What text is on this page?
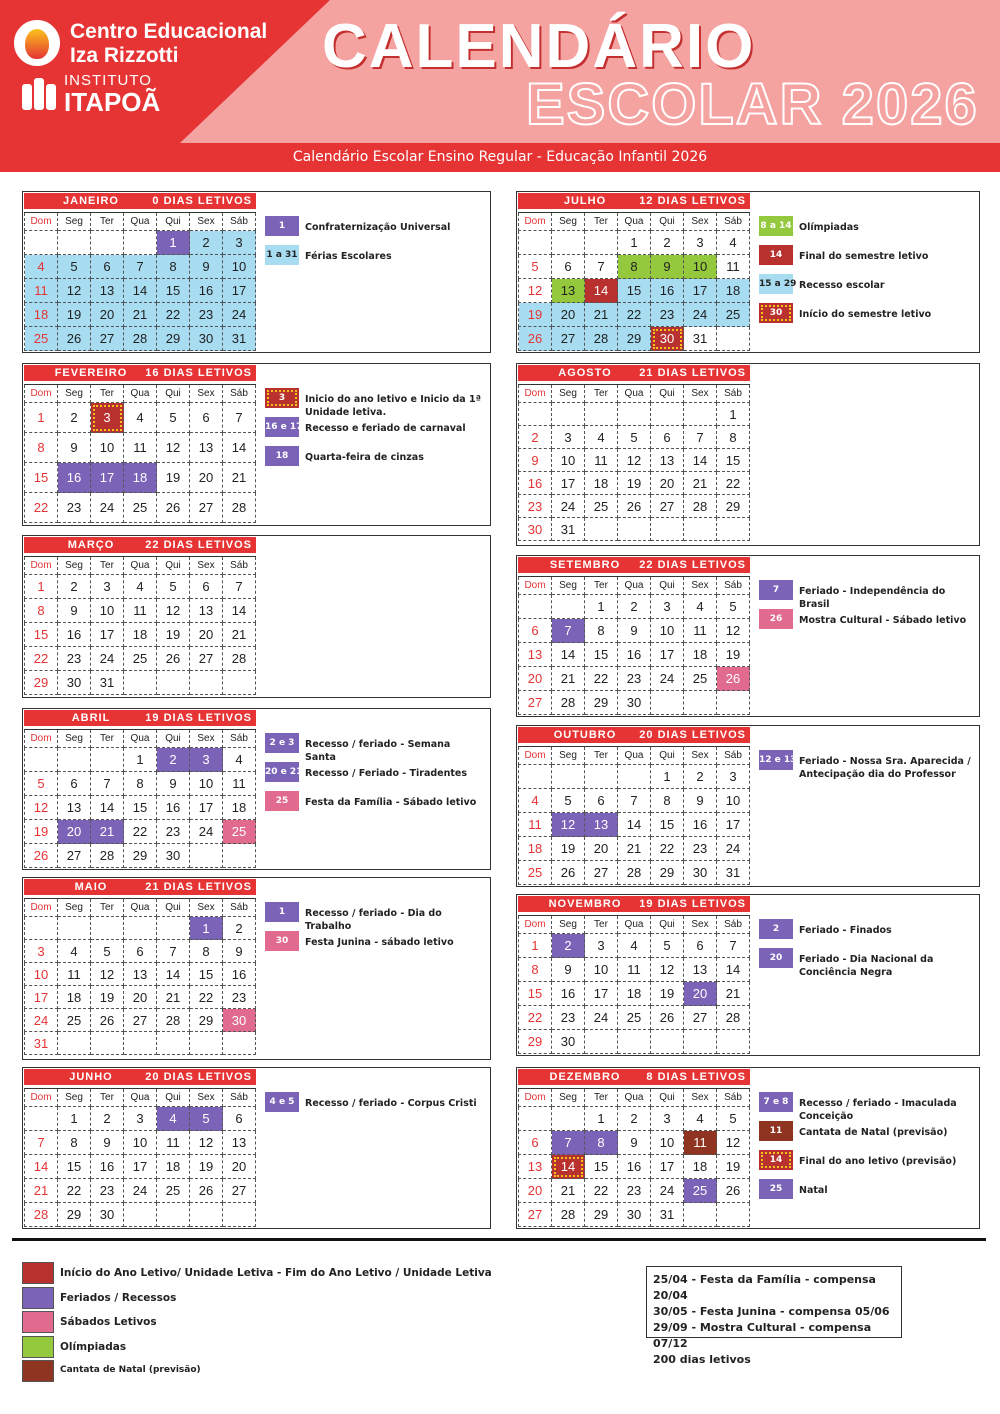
Centro Educacional
Iza Rizzotti
INSTITUTO
ITAPOÃ
CALENDÁRIO
ESCOLAR 2026
Calendário Escolar Ensino Regular - Educação Infantil 2026
JANEIRO	0 DIAS LETIVOS
Dom	Seg	Ter	Qua	Qui	Sex	Sáb
				1	2	3
4	5	6	7	8	9	10
11	12	13	14	15	16	17
18	19	20	21	22	23	24
25	26	27	28	29	30	31
1	Confraternização Universal
1 a 31 Férias Escolares
FEVEREIRO	16 DIAS LETIVOS
Dom	Seg	Ter	Qua	Qui	Sex	Sáb
1	2	3	4	5	6	7
8	9	10	11	12	13	14
15	16	17	18	19	20	21
22	23	24	25	26	27	28
3	Inicio do ano letivo e Inicio da 1ª Unidade letiva.
16 e 17 Recesso e feriado de carnaval
18	Quarta-feira de cinzas
MARÇO	22 DIAS LETIVOS
Dom	Seg	Ter	Qua	Qui	Sex	Sáb
1	2	3	4	5	6	7
8	9	10	11	12	13	14
15	16	17	18	19	20	21
22	23	24	25	26	27	28
29	30	31				
ABRIL	19 DIAS LETIVOS
Dom	Seg	Ter	Qua	Qui	Sex	Sáb
			1	2	3	4
5	6	7	8	9	10	11
12	13	14	15	16	17	18
19	20	21	22	23	24	25
26	27	28	29	30		
2 e 3	Recesso / feriado - Semana Santa
20 e 21 Recesso / Feriado - Tiradentes
25	Festa da Família - Sábado letivo
MAIO	21 DIAS LETIVOS
Dom	Seg	Ter	Qua	Qui	Sex	Sáb
					1	2
3	4	5	6	7	8	9
10	11	12	13	14	15	16
17	18	19	20	21	22	23
24	25	26	27	28	29	30
31						
1	Recesso / feriado - Dia do Trabalho
30	Festa Junina - sábado letivo
JUNHO	20 DIAS LETIVOS
Dom	Seg	Ter	Qua	Qui	Sex	Sáb
	1	2	3	4	5	6
7	8	9	10	11	12	13
14	15	16	17	18	19	20
21	22	23	24	25	26	27
28	29	30				
4 e 5	Recesso / feriado - Corpus Cristi
JULHO	12 DIAS LETIVOS
Dom	Seg	Ter	Qua	Qui	Sex	Sáb
			1	2	3	4
5	6	7	8	9	10	11
12	13	14	15	16	17	18
19	20	21	22	23	24	25
26	27	28	29	30	31	
8 a 14 Olímpiadas
14	Final do semestre letivo
15 a 29 Recesso escolar
30	Início do semestre letivo
AGOSTO	21 DIAS LETIVOS
Dom	Seg	Ter	Qua	Qui	Sex	Sáb
						1
2	3	4	5	6	7	8
9	10	11	12	13	14	15
16	17	18	19	20	21	22
23	24	25	26	27	28	29
30	31					
SETEMBRO	22 DIAS LETIVOS
Dom	Seg	Ter	Qua	Qui	Sex	Sáb
		1	2	3	4	5
6	7	8	9	10	11	12
13	14	15	16	17	18	19
20	21	22	23	24	25	26
27	28	29	30			
7	Feriado - Independência do Brasil
26	Mostra Cultural - Sábado letivo
OUTUBRO	20 DIAS LETIVOS
Dom	Seg	Ter	Qua	Qui	Sex	Sáb
				1	2	3
4	5	6	7	8	9	10
11	12	13	14	15	16	17
18	19	20	21	22	23	24
25	26	27	28	29	30	31
12 e 13 Feriado - Nossa Sra. Aparecida / Antecipação dia do Professor
NOVEMBRO	19 DIAS LETIVOS
Dom	Seg	Ter	Qua	Qui	Sex	Sáb
1	2	3	4	5	6	7
8	9	10	11	12	13	14
15	16	17	18	19	20	21
22	23	24	25	26	27	28
29	30					
2	Feriado - Finados
20	Feriado - Dia Nacional da Conciência Negra
DEZEMBRO	8 DIAS LETIVOS
Dom	Seg	Ter	Qua	Qui	Sex	Sáb
		1	2	3	4	5
6	7	8	9	10	11	12
13	14	15	16	17	18	19
20	21	22	23	24	25	26
27	28	29	30	31		
7 e 8	Recesso / feriado - Imaculada Conceição
11	Cantata de Natal (previsão)
14	Final do ano letivo (previsão)
25	Natal
Início do Ano Letivo/ Unidade Letiva - Fim do Ano Letivo / Unidade Letiva
Feriados / Recessos
Sábados Letivos
Olímpiadas
Cantata de Natal (previsão)
25/04 - Festa da Família - compensa 20/04
30/05 - Festa Junina - compensa 05/06
29/09 - Mostra Cultural - compensa 07/12
200 dias letivos
